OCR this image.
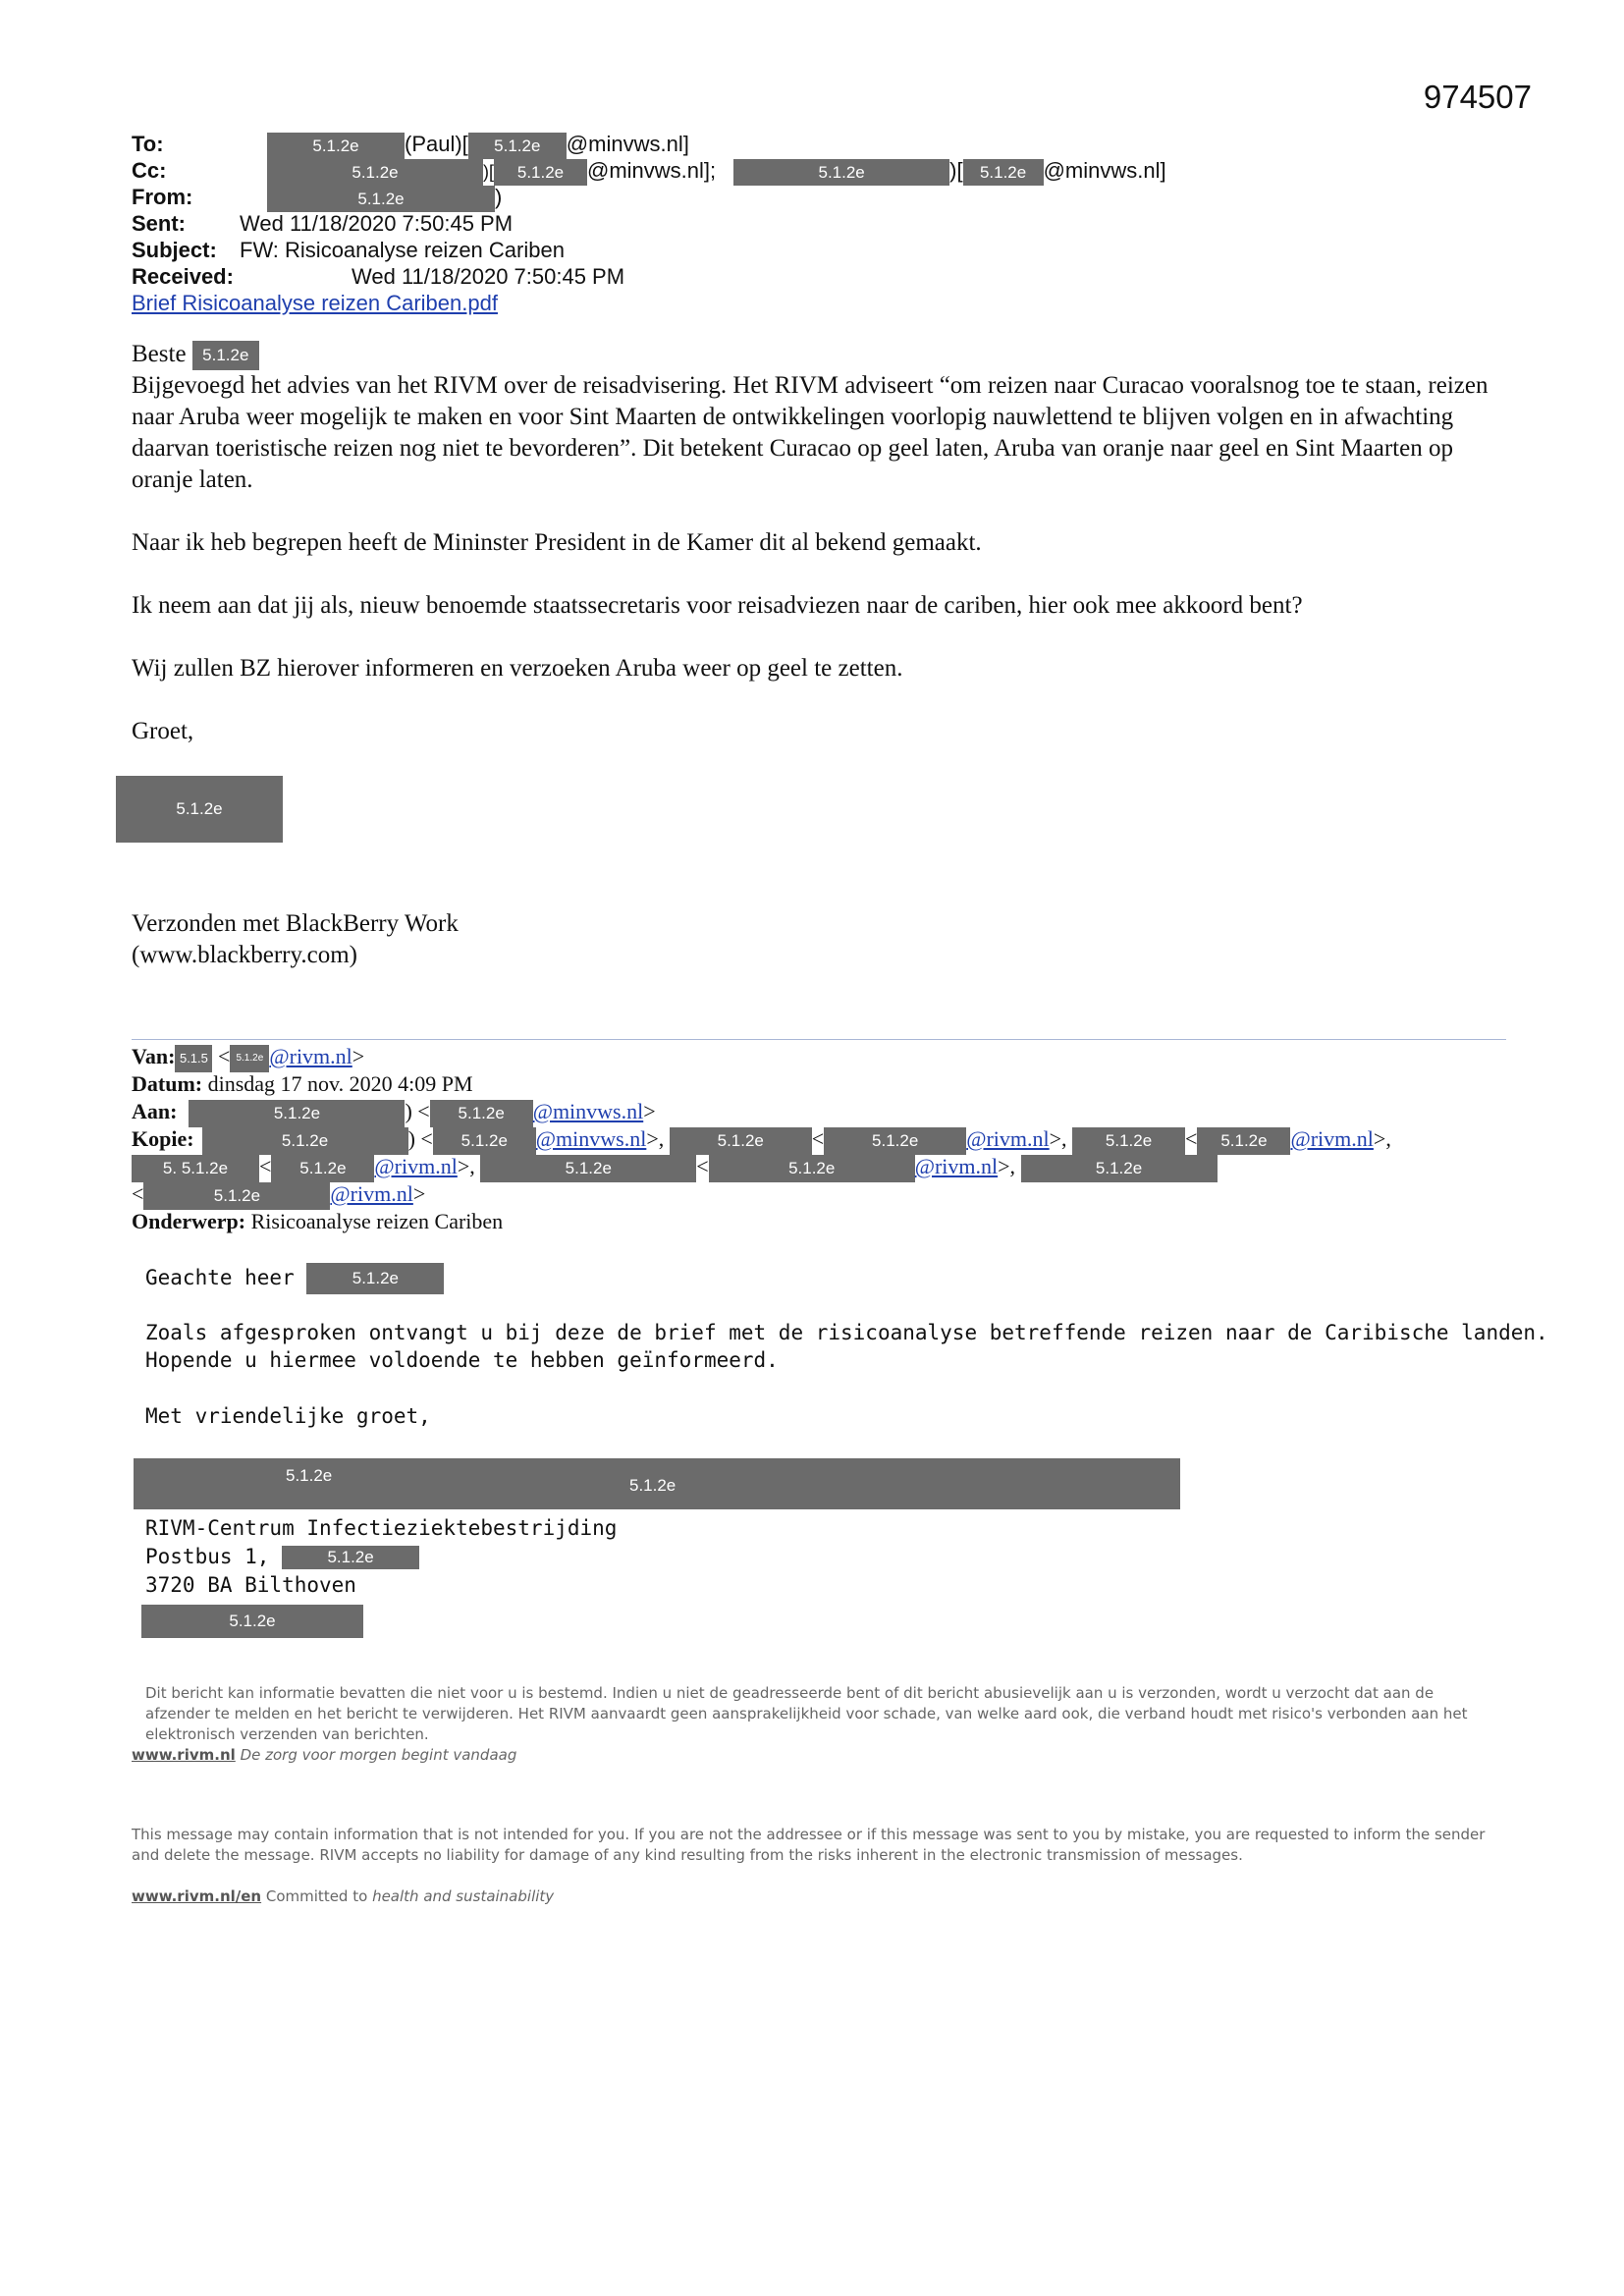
974507
To:	5.1.2e (Paul)[ 5.1.2e @minvws.nl]
Cc:	5.1.2e	)[ 5.1.2e @minvws.nl];	5.1.2e	)[ 5.1.2e @minvws.nl]
From:	5.1.2e	)
Sent:	Wed 11/18/2020 7:50:45 PM
Subject: FW: Risicoanalyse reizen Cariben
Received:	Wed 11/18/2020 7:50:45 PM
Brief Risicoanalyse reizen Cariben.pdf

Beste 5.1.2e

Bijgevoegd het advies van het RIVM over de reisadvisering. Het RIVM adviseert “om reizen naar Curacao vooralsnog toe te staan, reizen naar Aruba weer mogelijk te maken en voor Sint Maarten de ontwikkelingen voorlopig nauwlettend te blijven volgen en in afwachting daarvan toeristische reizen nog niet te bevorderen”. Dit betekent Curacao op geel laten, Aruba van oranje naar geel en Sint Maarten op oranje laten.

Naar ik heb begrepen heeft de Mininster President in de Kamer dit al bekend gemaakt.

Ik neem aan dat jij als, nieuw benoemde staatssecretaris voor reisadviezen naar de cariben, hier ook mee akkoord bent?

Wij zullen BZ hierover informeren en verzoeken Aruba weer op geel te zetten.

Groet,

5.1.2e
Verzonden met BlackBerry Work
(www.blackberry.com)
Van: 5.1.5 < 5.1.2e @rivm.nl>
Datum: dinsdag 17 nov. 2020 4:09 PM
Aan:	5.1.2e	) < 5.1.2e @minvws.nl>
Kopie:	5.1.2e	) < 5.1.2e @minvws.nl>,	5.1.2e <	5.1.2e @rivm.nl>, 5.1.2e < 5.1.2e @rivm.nl>,
5. 5.1.2e < 5.1.2e @rivm.nl>,	5.1.2e	<	5.1.2e	@rivm.nl>,	5.1.2e
<	5.1.2e	@rivm.nl>
Onderwerp: Risicoanalyse reizen Cariben
Geachte heer	5.1.2e
Zoals afgesproken ontvangt u bij deze de brief met de risicoanalyse betreffende reizen naar de Caribische landen.
Hopende u hiermee voldoende te hebben geïnformeerd.
Met vriendelijke groet,
5.1.2e
5.1.2e
RIVM-Centrum Infectieziektebestrijding
Postbus 1,	5.1.2e
3720 BA Bilthoven
5.1.2e
Dit bericht kan informatie bevatten die niet voor u is bestemd. Indien u niet de geadresseerde bent of dit bericht abusievelijk aan u is verzonden, wordt u verzocht dat aan de afzender te melden en het bericht te verwijderen. Het RIVM aanvaardt geen aansprakelijkheid voor schade, van welke aard ook, die verband houdt met risico's verbonden aan het elektronisch verzenden van berichten.
www.rivm.nl De zorg voor morgen begint vandaag
This message may contain information that is not intended for you. If you are not the addressee or if this message was sent to you by mistake, you are requested to inform the sender and delete the message. RIVM accepts no liability for damage of any kind resulting from the risks inherent in the electronic transmission of messages.
www.rivm.nl/en Committed to health and sustainability
